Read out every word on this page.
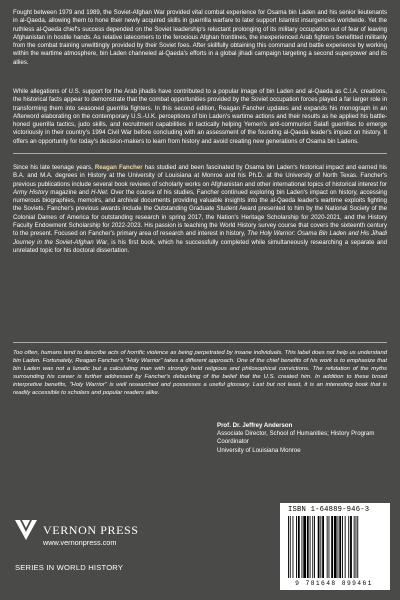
Fought between 1979 and 1989, the Soviet-Afghan War provided vital combat experience for Osama bin Laden and his senior lieutenants in al-Qaeda, allowing them to hone their newly acquired skills in guerrilla warfare to later support Islamist insurgencies worldwide. Yet the ruthless al-Qaeda chief's success depended on the Soviet leadership's reluctant prolonging of its military occupation out of fear of leaving Afghanistan in hostile hands. As relative latecomers to the ferocious Afghan frontlines, the inexperienced Arab fighters benefitted militarily from the combat training unwittingly provided by their Soviet foes. After skillfully obtaining this command and battle experience by working within the wartime atmosphere, bin Laden channeled al-Qaeda's efforts in a global jihadi campaign targeting a second superpower and its allies.

While allegations of U.S. support for the Arab jihadis have contributed to a popular image of bin Laden and al-Qaeda as C.I.A. creations, the historical facts appear to demonstrate that the combat opportunities provided by the Soviet occupation forces played a far larger role in transforming them into seasoned guerrilla fighters. In this second edition, Reagan Fancher updates and expands his monograph in an Afterword elaborating on the contemporary U.S.-U.K. perceptions of bin Laden's wartime actions and their results as he applied his battle-honed guerrilla tactics, judo skills, and recruitment capabilities in tactically helping Yemen's anti-communist Salafi guerrillas to emerge victoriously in their country's 1994 Civil War before concluding with an assessment of the founding al-Qaeda leader's impact on history. It offers an opportunity for today's decision-makers to learn from history and avoid creating new generations of Osama bin Ladens.

Since his late teenage years, Reagan Fancher has studied and been fascinated by Osama bin Laden's historical impact and earned his B.A. and M.A. degrees in History at the University of Louisiana at Monroe and his Ph.D. at the University of North Texas. Fancher's previous publications include several book reviews of scholarly works on Afghanistan and other international topics of historical interest for Army History magazine and H-Net. Over the course of his studies, Fancher continued exploring bin Laden's impact on history, accessing numerous biographies, memoirs, and archival documents providing valuable insights into the al-Qaeda leader's wartime exploits fighting the Soviets. Fancher's previous awards include the Outstanding Graduate Student Award presented to him by the National Society of the Colonial Dames of America for outstanding research in spring 2017, the Nation's Heritage Scholarship for 2020-2021, and the History Faculty Endowment Scholarship for 2022-2023. His passion is teaching the World History survey course that covers the sixteenth century to the present. Focused on Fancher's primary area of research and interest in history, The Holy Warrior: Osama Bin Laden and His Jihadi Journey in the Soviet-Afghan War, is his first book, which he successfully completed while simultaneously researching a separate and unrelated topic for his doctoral dissertation.

Too often, humans tend to describe acts of horrific violence as being perpetrated by insane individuals. This label does not help us understand bin Laden. Fortunately, Reagan Fancher's "Holy Warrior" takes a different approach. One of the chief benefits of his work is to emphasize that bin Laden was not a lunatic but a calculating man with strongly held religious and philosophical convictions. The refutation of the myths surrounding his career is further addressed by Fancher's debunking of the belief that the U.S. created him. In addition to these broad interpretive benefits, "Holy Warrior" is well researched and possesses a useful glossary. Last but not least, it is an interesting book that is readily accessible to scholars and popular readers alike.

Prof. Dr. Jeffrey Anderson
Associate Director, School of Humanities; History Program Coordinator
University of Louisiana Monroe
VERNON PRESS
www.vernonpress.com
SERIES IN WORLD HISTORY
ISBN 1-64889-946-3
9 781648 899461
